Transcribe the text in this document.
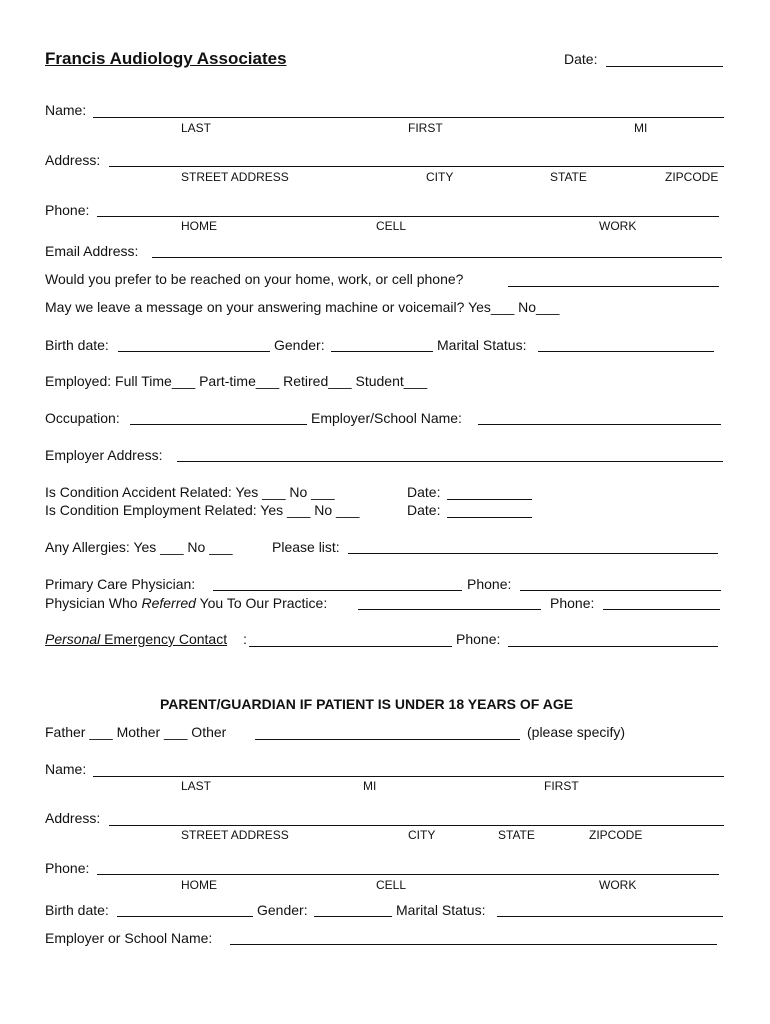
Francis Audiology Associates	Date:
Name:
LAST	FIRST	MI
Address:
STREET ADDRESS	CITY	STATE	ZIPCODE
Phone:
HOME	CELL	WORK
Email Address:
Would you prefer to be reached on your home, work, or cell phone?
May we leave a message on your answering machine or voicemail? Yes___ No___
Birth date:	Gender:	Marital Status:
Employed: Full Time___ Part-time___ Retired___ Student___
Occupation:	Employer/School Name:
Employer Address:
Is Condition Accident Related: Yes ___ No ___	Date:
Is Condition Employment Related: Yes ___ No ___	Date:
Any Allergies: Yes ___ No ___	Please list:
Primary Care Physician:	Phone:
Physician Who Referred You To Our Practice:	Phone:
Personal Emergency Contact :	Phone:
PARENT/GUARDIAN IF PATIENT IS UNDER 18 YEARS OF AGE
Father ___ Mother ___ Other	(please specify)
Name:
LAST	MI	FIRST
Address:
STREET ADDRESS	CITY	STATE	ZIPCODE
Phone:
HOME	CELL	WORK
Birth date:	Gender:	Marital Status:
Employer or School Name:
